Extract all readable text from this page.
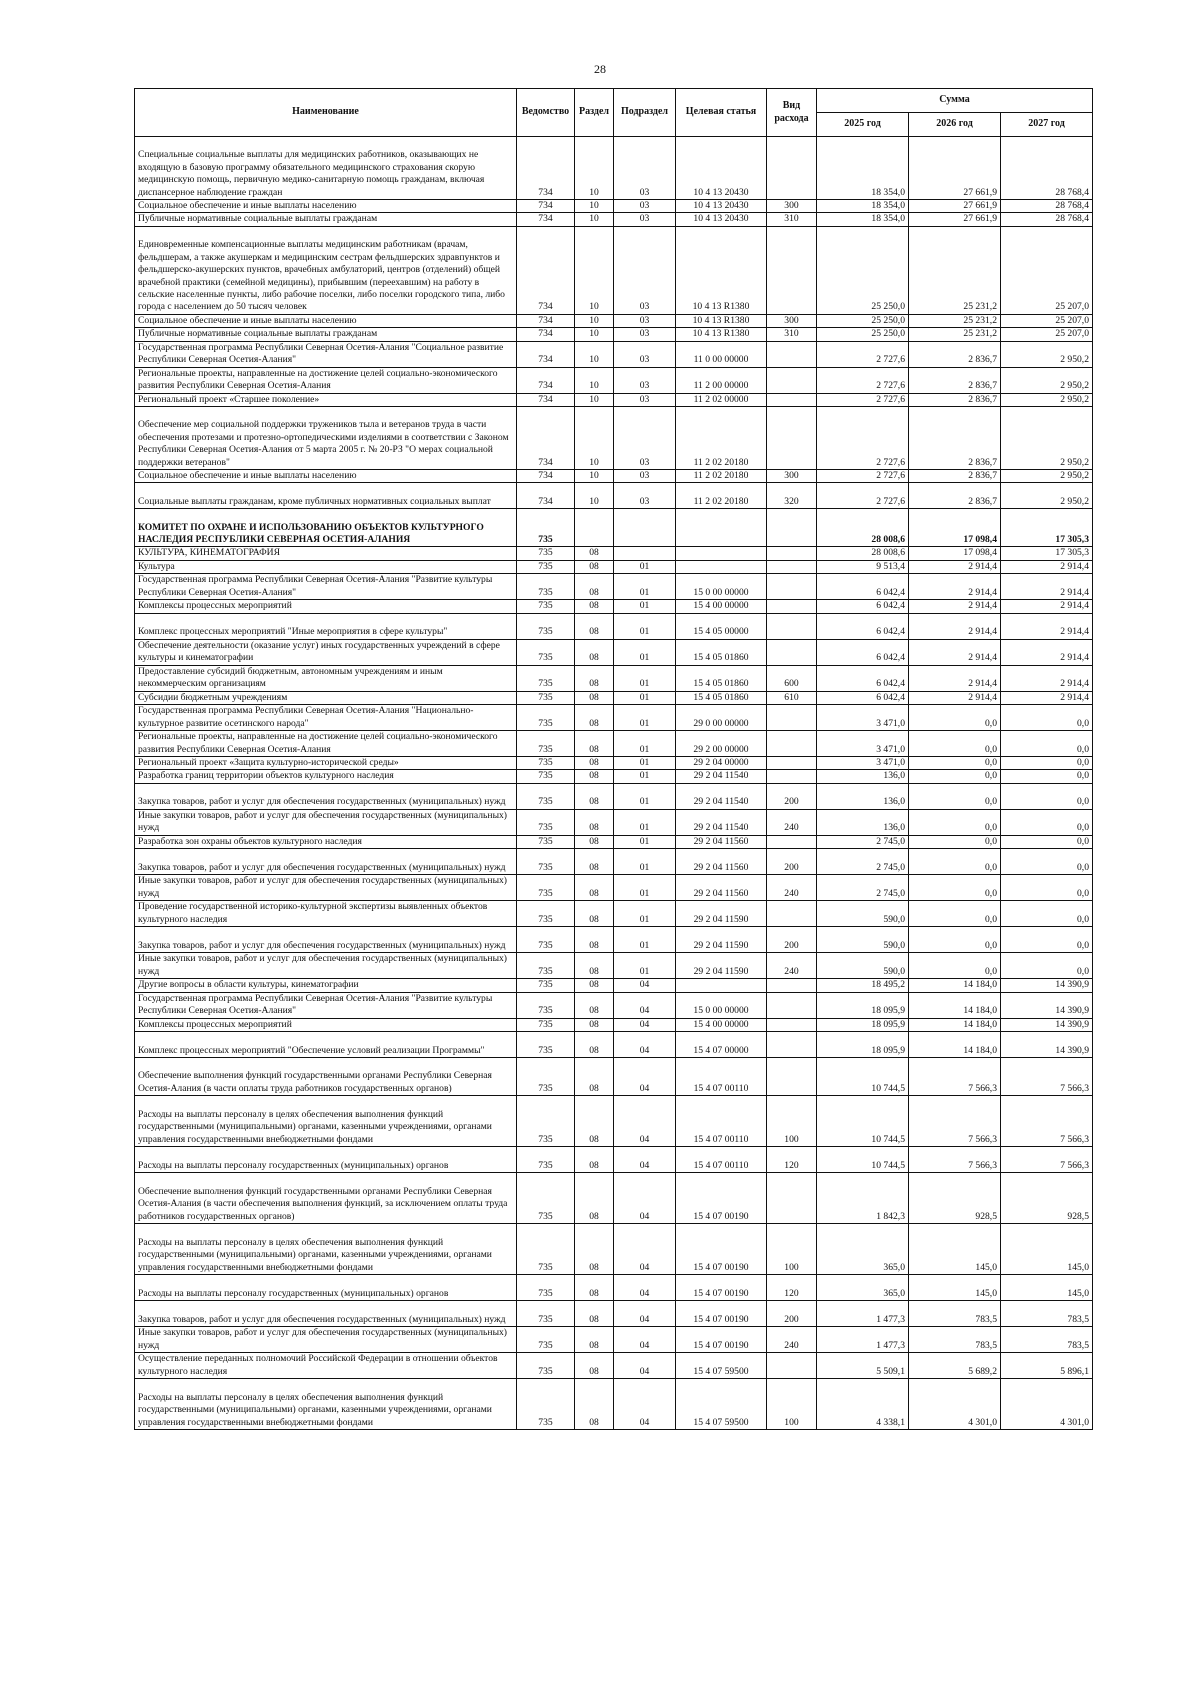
28
Наименование	Ведомство	Раздел	Подраздел	Целевая статья	Вид расхода	Сумма		
						2025 год	2026 год	2027 год
Специальные социальные выплаты для медицинских работников, оказывающих не входящую в базовую программу обязательного медицинского страхования скорую медицинскую помощь, первичную медико-санитарную помощь гражданам, включая диспансерное наблюдение граждан	734	10	03	10 4 13 20430		18 354,0	27 661,9	28 768,4
Социальное обеспечение и иные выплаты населению	734	10	03	10 4 13 20430	300	18 354,0	27 661,9	28 768,4
Публичные нормативные социальные выплаты гражданам	734	10	03	10 4 13 20430	310	18 354,0	27 661,9	28 768,4
Единовременные компенсационные выплаты медицинским работникам (врачам, фельдшерам, а также акушеркам и медицинским сестрам фельдшерских здравпунктов и фельдшерско-акушерских пунктов, врачебных амбулаторий, центров (отделений) общей врачебной практики (семейной медицины), прибывшим (переехавшим) на работу в сельские населенные пункты, либо рабочие поселки, либо поселки городского типа, либо города с населением до 50 тысяч человек	734	10	03	10 4 13 R1380		25 250,0	25 231,2	25 207,0
Социальное обеспечение и иные выплаты населению	734	10	03	10 4 13 R1380	300	25 250,0	25 231,2	25 207,0
Публичные нормативные социальные выплаты гражданам	734	10	03	10 4 13 R1380	310	25 250,0	25 231,2	25 207,0
Государственная программа Республики Северная Осетия-Алания "Социальное развитие Республики Северная Осетия-Алания"	734	10	03	11 0 00 00000		2 727,6	2 836,7	2 950,2
Региональные проекты, направленные на достижение целей социально-экономического развития Республики Северная Осетия-Алания	734	10	03	11 2 00 00000		2 727,6	2 836,7	2 950,2
Региональный проект «Старшее поколение»	734	10	03	11 2 02 00000		2 727,6	2 836,7	2 950,2
Обеспечение мер социальной поддержки тружеников тыла и ветеранов труда в части обеспечения протезами и протезно-ортопедическими изделиями в соответствии с Законом Республики Северная Осетия-Алания от 5 марта 2005 г. № 20-РЗ "О мерах социальной поддержки ветеранов"	734	10	03	11 2 02 20180		2 727,6	2 836,7	2 950,2
Социальное обеспечение и иные выплаты населению	734	10	03	11 2 02 20180	300	2 727,6	2 836,7	2 950,2
Социальные выплаты гражданам, кроме публичных нормативных социальных выплат	734	10	03	11 2 02 20180	320	2 727,6	2 836,7	2 950,2
КОМИТЕТ ПО ОХРАНЕ И ИСПОЛЬЗОВАНИЮ ОБЪЕКТОВ КУЛЬТУРНОГО НАСЛЕДИЯ РЕСПУБЛИКИ СЕВЕРНАЯ ОСЕТИЯ-АЛАНИЯ	735					28 008,6	17 098,4	17 305,3
КУЛЬТУРА, КИНЕМАТОГРАФИЯ	735	08				28 008,6	17 098,4	17 305,3
Культура	735	08	01			9 513,4	2 914,4	2 914,4
Государственная программа Республики Северная Осетия-Алания "Развитие культуры Республики Северная Осетия-Алания"	735	08	01	15 0 00 00000		6 042,4	2 914,4	2 914,4
Комплексы процессных мероприятий	735	08	01	15 4 00 00000		6 042,4	2 914,4	2 914,4
Комплекс процессных мероприятий "Иные мероприятия в сфере культуры"	735	08	01	15 4 05 00000		6 042,4	2 914,4	2 914,4
Обеспечение деятельности (оказание услуг) иных государственных учреждений в сфере культуры и кинематографии	735	08	01	15 4 05 01860		6 042,4	2 914,4	2 914,4
Предоставление субсидий бюджетным, автономным учреждениям и иным некоммерческим организациям	735	08	01	15 4 05 01860	600	6 042,4	2 914,4	2 914,4
Субсидии бюджетным учреждениям	735	08	01	15 4 05 01860	610	6 042,4	2 914,4	2 914,4
Государственная программа Республики Северная Осетия-Алания "Национально-культурное развитие осетинского народа"	735	08	01	29 0 00 00000		3 471,0	0,0	0,0
Региональные проекты, направленные на достижение целей социально-экономического развития Республики Северная Осетия-Алания	735	08	01	29 2 00 00000		3 471,0	0,0	0,0
Региональный проект «Защита культурно-исторической среды»	735	08	01	29 2 04 00000		3 471,0	0,0	0,0
Разработка границ территории объектов культурного наследия	735	08	01	29 2 04 11540		136,0	0,0	0,0
Закупка товаров, работ и услуг для обеспечения государственных (муниципальных) нужд	735	08	01	29 2 04 11540	200	136,0	0,0	0,0
Иные закупки товаров, работ и услуг для обеспечения государственных (муниципальных) нужд	735	08	01	29 2 04 11540	240	136,0	0,0	0,0
Разработка зон охраны объектов культурного наследия	735	08	01	29 2 04 11560		2 745,0	0,0	0,0
Закупка товаров, работ и услуг для обеспечения государственных (муниципальных) нужд	735	08	01	29 2 04 11560	200	2 745,0	0,0	0,0
Иные закупки товаров, работ и услуг для обеспечения государственных (муниципальных) нужд	735	08	01	29 2 04 11560	240	2 745,0	0,0	0,0
Проведение государственной историко-культурной экспертизы выявленных объектов культурного наследия	735	08	01	29 2 04 11590		590,0	0,0	0,0
Закупка товаров, работ и услуг для обеспечения государственных (муниципальных) нужд	735	08	01	29 2 04 11590	200	590,0	0,0	0,0
Иные закупки товаров, работ и услуг для обеспечения государственных (муниципальных) нужд	735	08	01	29 2 04 11590	240	590,0	0,0	0,0
Другие вопросы в области культуры, кинематографии	735	08	04			18 495,2	14 184,0	14 390,9
Государственная программа Республики Северная Осетия-Алания "Развитие культуры Республики Северная Осетия-Алания"	735	08	04	15 0 00 00000		18 095,9	14 184,0	14 390,9
Комплексы процессных мероприятий	735	08	04	15 4 00 00000		18 095,9	14 184,0	14 390,9
Комплекс процессных мероприятий "Обеспечение условий реализации Программы"	735	08	04	15 4 07 00000		18 095,9	14 184,0	14 390,9
Обеспечение выполнения функций государственными органами Республики Северная Осетия-Алания (в части оплаты труда работников государственных органов)	735	08	04	15 4 07 00110		10 744,5	7 566,3	7 566,3
Расходы на выплаты персоналу в целях обеспечения выполнения функций государственными (муниципальными) органами, казенными учреждениями, органами управления государственными внебюджетными фондами	735	08	04	15 4 07 00110	100	10 744,5	7 566,3	7 566,3
Расходы на выплаты персоналу государственных (муниципальных) органов	735	08	04	15 4 07 00110	120	10 744,5	7 566,3	7 566,3
Обеспечение выполнения функций государственными органами Республики Северная Осетия-Алания (в части обеспечения выполнения функций, за исключением оплаты труда работников государственных органов)	735	08	04	15 4 07 00190		1 842,3	928,5	928,5
Расходы на выплаты персоналу в целях обеспечения выполнения функций государственными (муниципальными) органами, казенными учреждениями, органами управления государственными внебюджетными фондами	735	08	04	15 4 07 00190	100	365,0	145,0	145,0
Расходы на выплаты персоналу государственных (муниципальных) органов	735	08	04	15 4 07 00190	120	365,0	145,0	145,0
Закупка товаров, работ и услуг для обеспечения государственных (муниципальных) нужд	735	08	04	15 4 07 00190	200	1 477,3	783,5	783,5
Иные закупки товаров, работ и услуг для обеспечения государственных (муниципальных) нужд	735	08	04	15 4 07 00190	240	1 477,3	783,5	783,5
Осуществление переданных полномочий Российской Федерации в отношении объектов культурного наследия	735	08	04	15 4 07 59500		5 509,1	5 689,2	5 896,1
Расходы на выплаты персоналу в целях обеспечения выполнения функций государственными (муниципальными) органами, казенными учреждениями, органами управления государственными внебюджетными фондами	735	08	04	15 4 07 59500	100	4 338,1	4 301,0	4 301,0
